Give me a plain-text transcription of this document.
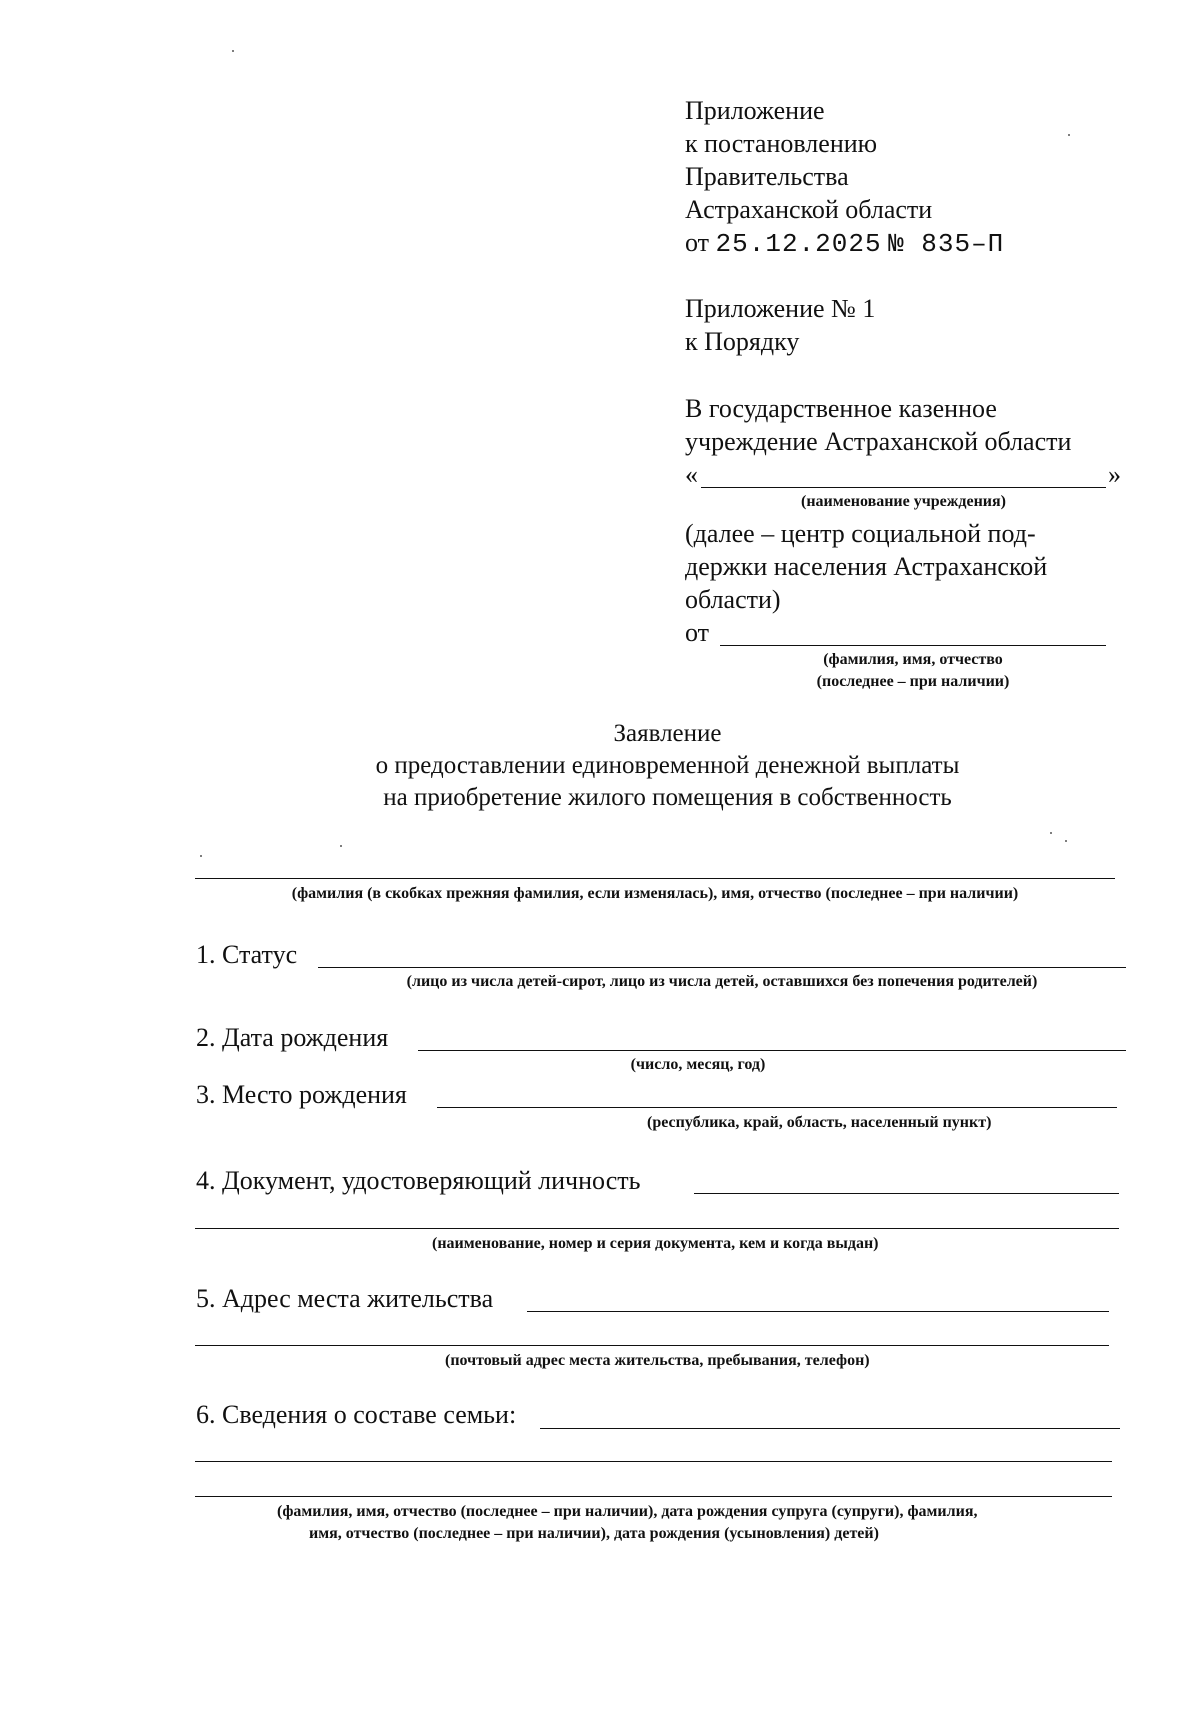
Приложение
к постановлению
Правительства
Астраханской области
от 25.12.2025 № 835–П
Приложение № 1
к Порядку
В государственное казенное
учреждение Астраханской области
«	»
(наименование учреждения)
(далее – центр социальной под-
держки населения Астраханской
области)
от
(фамилия, имя, отчество
(последнее – при наличии)
Заявление
о предоставлении единовременной денежной выплаты
на приобретение жилого помещения в собственность
(фамилия (в скобках прежняя фамилия, если изменялась), имя, отчество (последнее – при наличии)
1. Статус
(лицо из числа детей-сирот, лицо из числа детей, оставшихся без попечения родителей)
2. Дата рождения
(число, месяц, год)
3. Место рождения
(республика, край, область, населенный пункт)
4. Документ, удостоверяющий личность
(наименование, номер и серия документа, кем и когда выдан)
5. Адрес места жительства
(почтовый адрес места жительства, пребывания, телефон)
6. Сведения о составе семьи:
(фамилия, имя, отчество (последнее – при наличии), дата рождения супруга (супруги), фамилия,
имя, отчество (последнее – при наличии), дата рождения (усыновления) детей)
